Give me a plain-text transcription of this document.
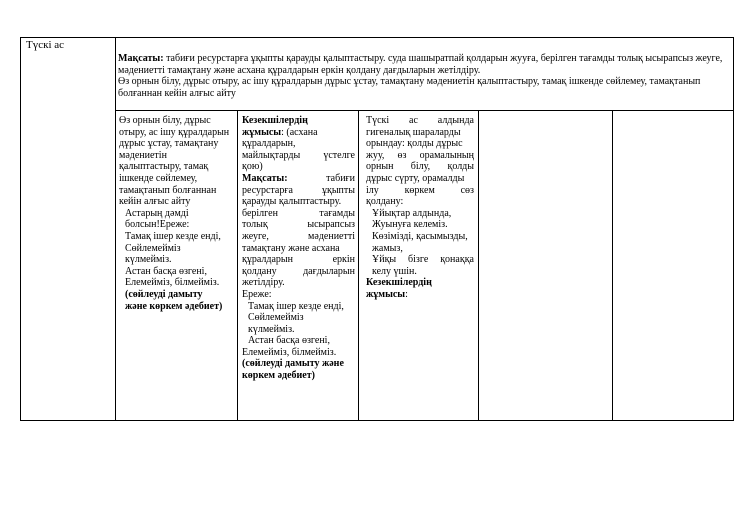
Түскі ас

Мақсаты: табиғи ресурстарға ұқыпты қарауды қалыптастыру. суда шашыратпай қолдарын жууға, берілген тағамды толық ысырапсыз жеуге, мәдениетті тамақтану және асхана құралдарын еркін қолдану дағдыларын жетілдіру.

Өз орнын білу, дұрыс отыру, ас ішу құралдарын дұрыс ұстау, тамақтану мәдениетін қалыптастыру, тамақ ішкенде сөйлемеу, тамақтанып болғаннан кейін алғыс айту

Өз орнын білу, дұрыс

отыру, ас ішу құралдарын

дұрыс ұстау, тамақтану

мәдениетін

қалыптастыру, тамақ

ішкенде сөйлемеу,

тамақтанып болғаннан

кейін алғыс айту

Астарың дәмді

болсын!Ереже:

Тамақ ішер кезде енді,

Сөйлемейміз

күлмейміз.

Астан басқа өзгені,

Елемейміз, білмейміз.

(сөйлеуді дамыту

және көркем әдебиет)

Кезекшілердің

жұмысы: (асхана

құралдарын,

майлықтарды үстелге

қою)

Мақсаты:	табиғи

ресурстарға ұқыпты

қарауды қалыптастыру.

берілген тағамды

толық ысырапсыз

жеуге, мәдениетті

тамақтану және асхана

құралдарын еркін

қолдану дағдыларын

жетілдіру.

Ереже:

Тамақ ішер кезде енді,

Сөйлемейміз

күлмейміз.

Астан басқа өзгені,

Елемейміз, білмейміз.

(сөйлеуді дамыту және

көркем әдебиет)

Түскі ас алдында

гигеналық шараларды

орындау: қолды дұрыс

жуу, өз орамалының

орнын білу, қолды

дұрыс сүрту, орамалды

ілу көркем сөз

қолдану:

Ұйықтар алдында,

Жуынуға келеміз.

Көзімізді, қасымызды,

жамыз,

Ұйқы бізге қонаққа

келу үшін.

Кезекшілердің

жұмысы:
